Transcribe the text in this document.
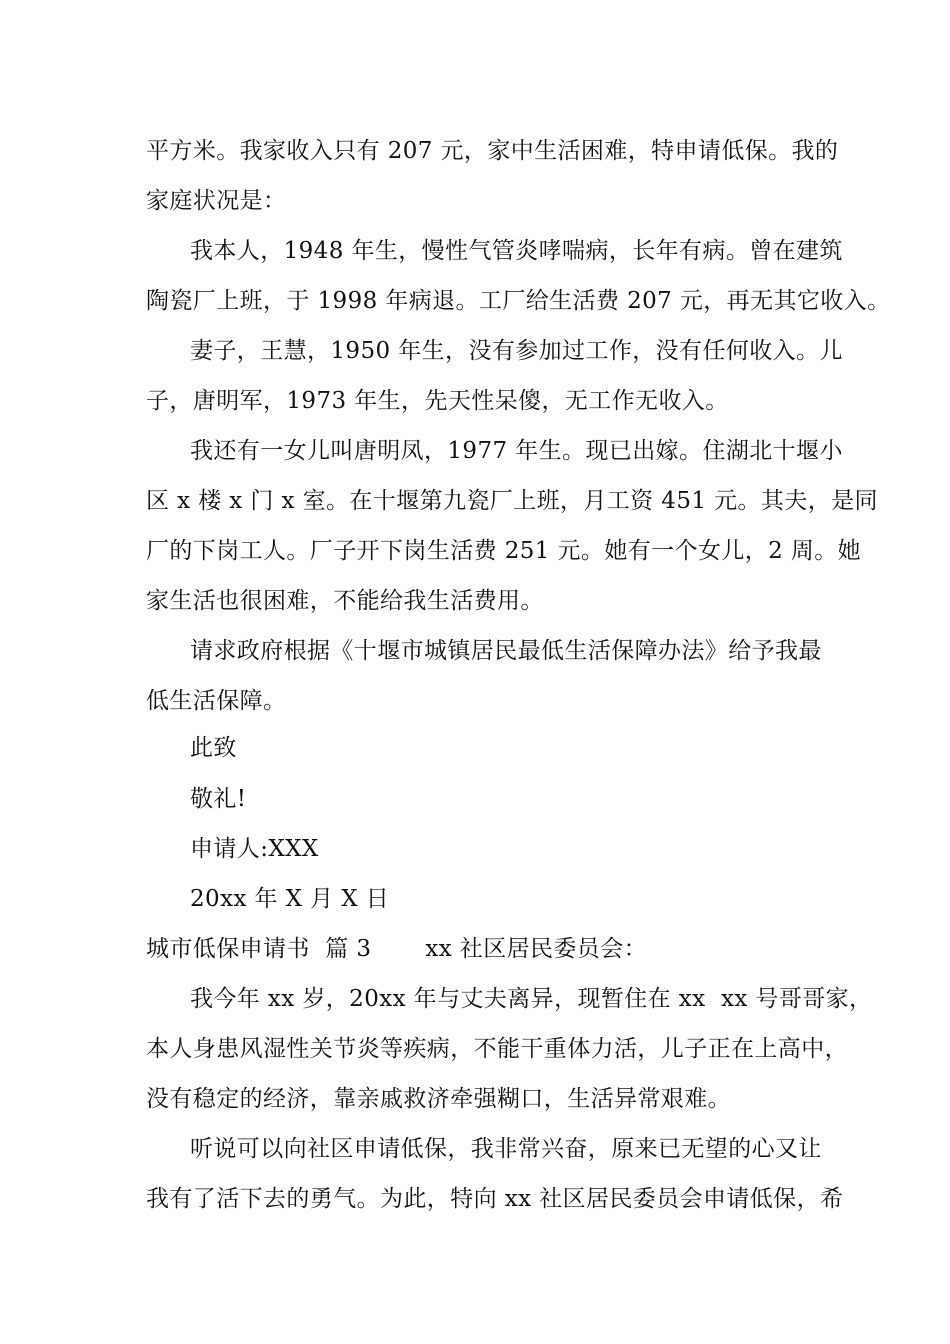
平方米。我家收入只有 207 元，家中生活困难，特申请低保。我的
家庭状况是：
我本人，1948 年生，慢性气管炎哮喘病，长年有病。曾在建筑
陶瓷厂上班，于 1998 年病退。工厂给生活费 207 元，再无其它收入。
妻子，王慧，1950 年生，没有参加过工作，没有任何收入。儿
子，唐明军，1973 年生，先天性呆傻，无工作无收入。
我还有一女儿叫唐明凤，1977 年生。现已出嫁。住湖北十堰小
区 x 楼 x 门 x 室。在十堰第九瓷厂上班，月工资 451 元。其夫，是同
厂的下岗工人。厂子开下岗生活费 251 元。她有一个女儿，2 周。她
家生活也很困难，不能给我生活费用。
请求政府根据《十堰市城镇居民最低生活保障办法》给予我最
低生活保障。
此致
敬礼!
申请人:XXX
20xx 年 X 月 X 日
城市低保申请书  篇 3       xx 社区居民委员会：
我今年 xx 岁，20xx 年与丈夫离异，现暂住在 xx  xx 号哥哥家，
本人身患风湿性关节炎等疾病，不能干重体力活，儿子正在上高中，
没有稳定的经济，靠亲戚救济牵强糊口，生活异常艰难。
听说可以向社区申请低保，我非常兴奋，原来已无望的心又让
我有了活下去的勇气。为此，特向 xx 社区居民委员会申请低保，希
